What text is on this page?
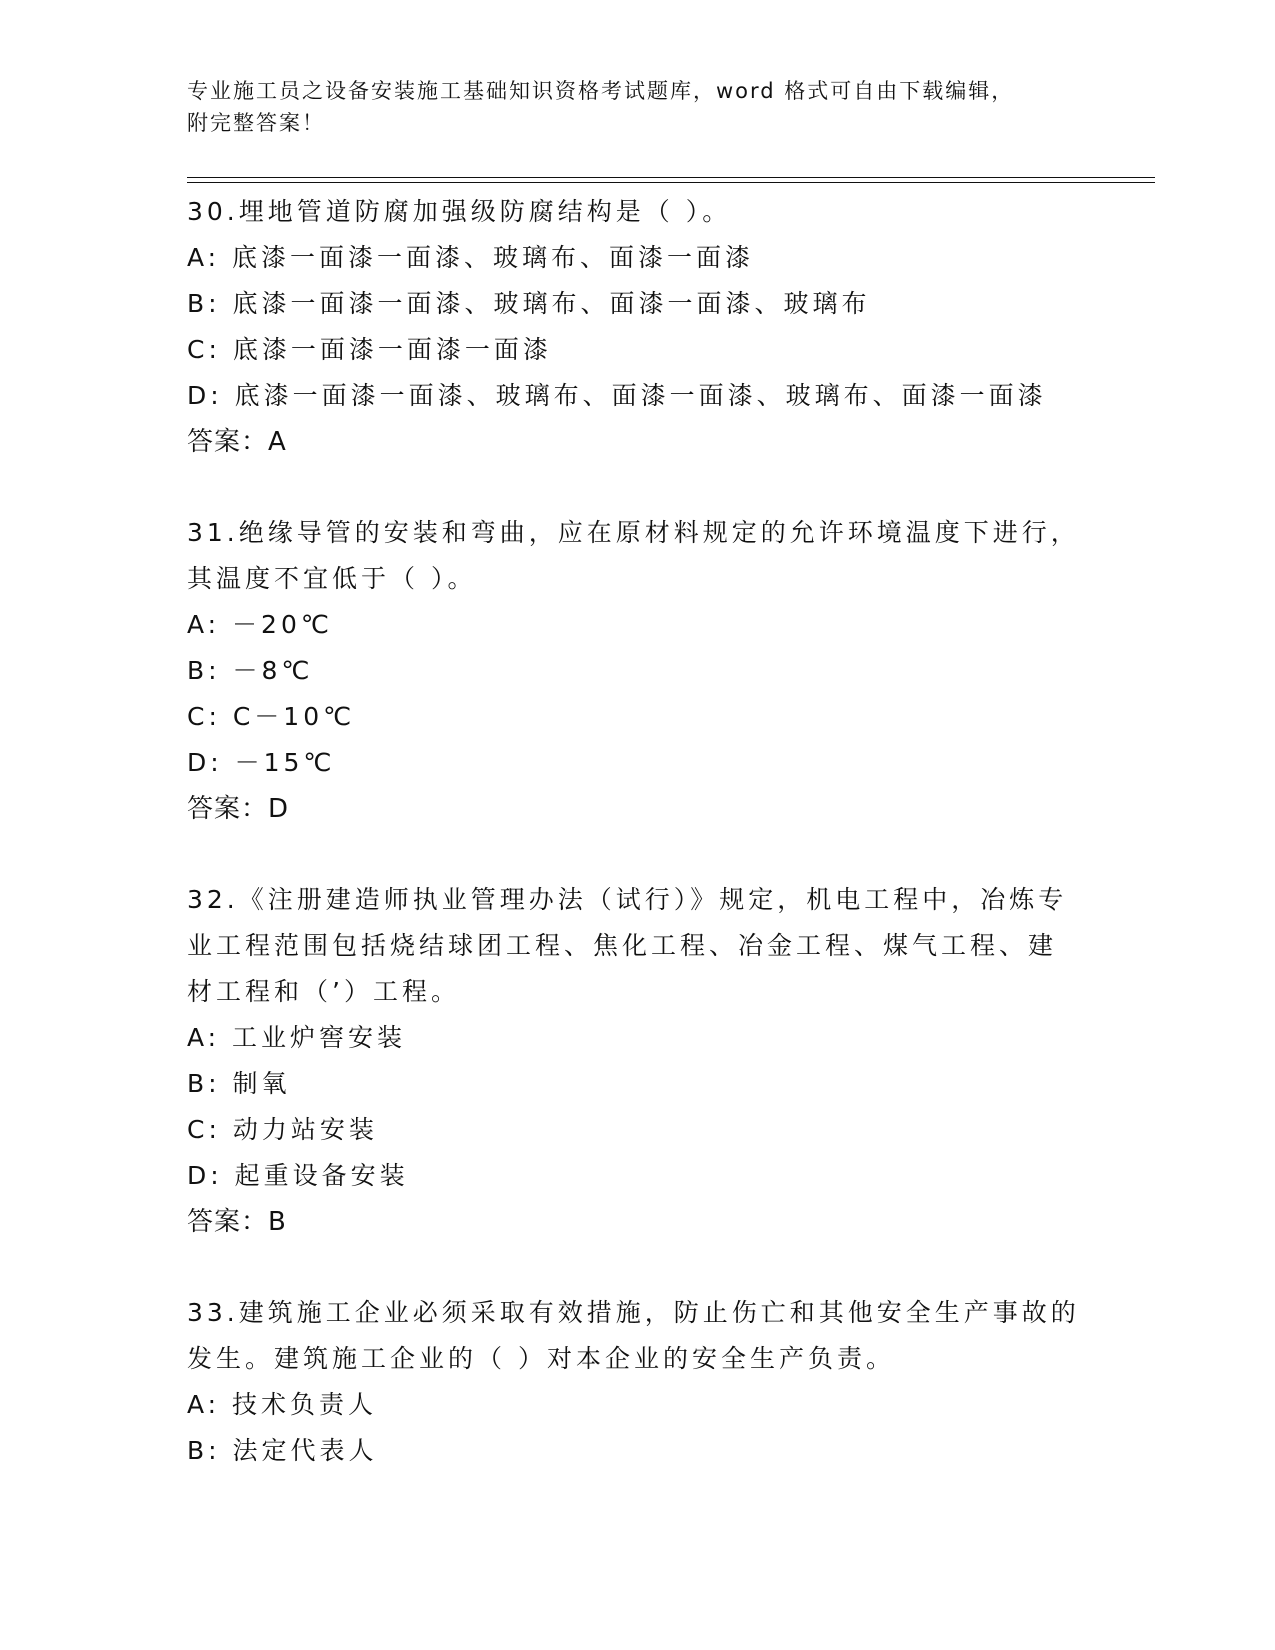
专业施工员之设备安装施工基础知识资格考试题库，word 格式可自由下载编辑，
附完整答案！
30.埋地管道防腐加强级防腐结构是（ ）。
A: 底漆一面漆一面漆、玻璃布、面漆一面漆
B: 底漆一面漆一面漆、玻璃布、面漆一面漆、玻璃布
C: 底漆一面漆一面漆一面漆
D: 底漆一面漆一面漆、玻璃布、面漆一面漆、玻璃布、面漆一面漆
答案：A
31.绝缘导管的安装和弯曲，应在原材料规定的允许环境温度下进行，
其温度不宜低于（ ）。
A: －20℃
B: －8℃
C: C－10℃
D: －15℃
答案：D
32.《注册建造师执业管理办法（试行）》规定，机电工程中，冶炼专
业工程范围包括烧结球团工程、焦化工程、冶金工程、煤气工程、建
材工程和（’）工程。
A: 工业炉窖安装
B: 制氧
C: 动力站安装
D: 起重设备安装
答案：B
33.建筑施工企业必须采取有效措施，防止伤亡和其他安全生产事故的
发生。建筑施工企业的（ ）对本企业的安全生产负责。
A: 技术负责人
B: 法定代表人
